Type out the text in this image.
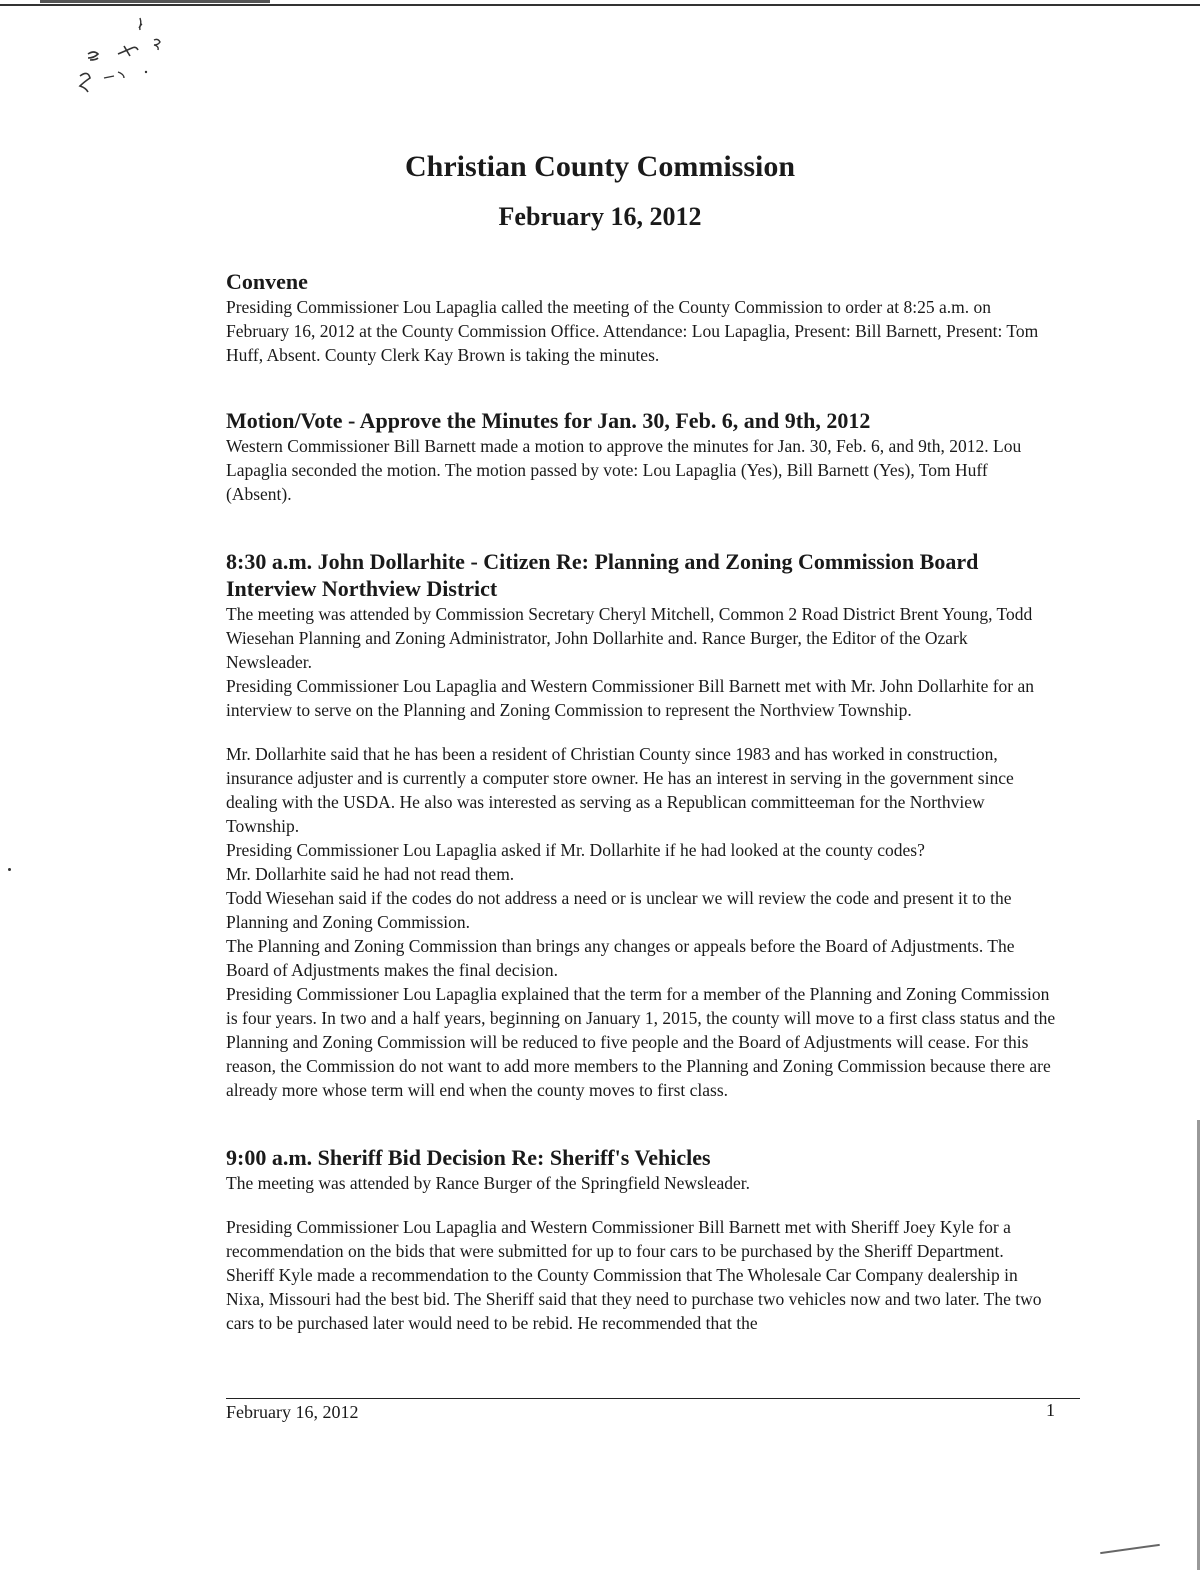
Christian County Commission
February 16, 2012
Convene

Presiding Commissioner Lou Lapaglia called the meeting of the County Commission to order at 8:25 a.m. on February 16, 2012 at the County Commission Office. Attendance: Lou Lapaglia, Present: Bill Barnett, Present: Tom Huff, Absent. County Clerk Kay Brown is taking the minutes.

Motion/Vote - Approve the Minutes for Jan. 30, Feb. 6, and 9th, 2012

Western Commissioner Bill Barnett made a motion to approve the minutes for Jan. 30, Feb. 6, and 9th, 2012. Lou Lapaglia seconded the motion. The motion passed by vote: Lou Lapaglia (Yes), Bill Barnett (Yes), Tom Huff (Absent).

8:30 a.m. John Dollarhite - Citizen Re: Planning and Zoning Commission Board Interview Northview District

The meeting was attended by Commission Secretary Cheryl Mitchell, Common 2 Road District Brent Young, Todd Wiesehan Planning and Zoning Administrator, John Dollarhite and. Rance Burger, the Editor of the Ozark Newsleader.

Presiding Commissioner Lou Lapaglia and Western Commissioner Bill Barnett met with Mr. John Dollarhite for an interview to serve on the Planning and Zoning Commission to represent the Northview Township.

Mr. Dollarhite said that he has been a resident of Christian County since 1983 and has worked in construction, insurance adjuster and is currently a computer store owner. He has an interest in serving in the government since dealing with the USDA. He also was interested as serving as a Republican committeeman for the Northview Township.

Presiding Commissioner Lou Lapaglia asked if Mr. Dollarhite if he had looked at the county codes?

Mr. Dollarhite said he had not read them.

Todd Wiesehan said if the codes do not address a need or is unclear we will review the code and present it to the Planning and Zoning Commission.

The Planning and Zoning Commission than brings any changes or appeals before the Board of Adjustments. The Board of Adjustments makes the final decision.

Presiding Commissioner Lou Lapaglia explained that the term for a member of the Planning and Zoning Commission is four years. In two and a half years, beginning on January 1, 2015, the county will move to a first class status and the Planning and Zoning Commission will be reduced to five people and the Board of Adjustments will cease. For this reason, the Commission do not want to add more members to the Planning and Zoning Commission because there are already more whose term will end when the county moves to first class.

9:00 a.m. Sheriff Bid Decision Re: Sheriff's Vehicles

The meeting was attended by Rance Burger of the Springfield Newsleader.

Presiding Commissioner Lou Lapaglia and Western Commissioner Bill Barnett met with Sheriff Joey Kyle for a recommendation on the bids that were submitted for up to four cars to be purchased by the Sheriff Department.

Sheriff Kyle made a recommendation to the County Commission that The Wholesale Car Company dealership in Nixa, Missouri had the best bid. The Sheriff said that they need to purchase two vehicles now and two later. The two cars to be purchased later would need to be rebid. He recommended that the

February 16, 2012	1
